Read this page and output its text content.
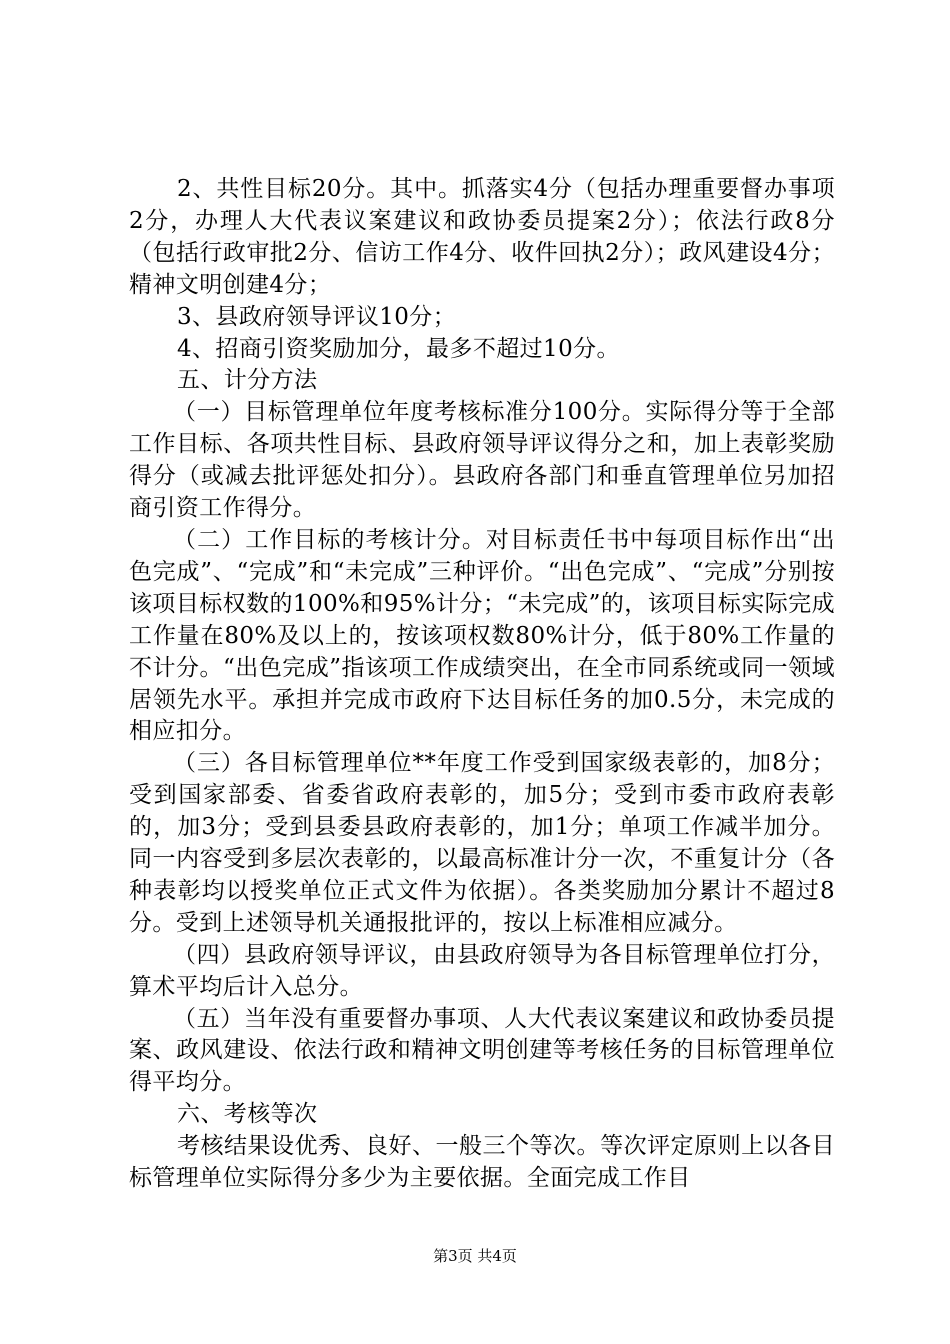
2、共性目标20分。其中。抓落实4分（包括办理重要督办事项2分，办理人大代表议案建议和政协委员提案2分）；依法行政8分（包括行政审批2分、信访工作4分、收件回执2分）；政风建设4分；精神文明创建4分；

3、县政府领导评议10分；

4、招商引资奖励加分，最多不超过10分。

五、计分方法

（一）目标管理单位年度考核标准分100分。实际得分等于全部工作目标、各项共性目标、县政府领导评议得分之和，加上表彰奖励得分（或减去批评惩处扣分）。县政府各部门和垂直管理单位另加招商引资工作得分。

（二）工作目标的考核计分。对目标责任书中每项目标作出“出色完成”、“完成”和“未完成”三种评价。“出色完成”、“完成”分别按该项目标权数的100%和95%计分；“未完成”的，该项目标实际完成工作量在80%及以上的，按该项权数80%计分，低于80%工作量的不计分。“出色完成”指该项工作成绩突出，在全市同系统或同一领域居领先水平。承担并完成市政府下达目标任务的加0.5分，未完成的相应扣分。

（三）各目标管理单位**年度工作受到国家级表彰的，加8分；受到国家部委、省委省政府表彰的，加5分；受到市委市政府表彰的，加3分；受到县委县政府表彰的，加1分；单项工作减半加分。同一内容受到多层次表彰的，以最高标准计分一次，不重复计分（各种表彰均以授奖单位正式文件为依据）。各类奖励加分累计不超过8分。受到上述领导机关通报批评的，按以上标准相应减分。

（四）县政府领导评议，由县政府领导为各目标管理单位打分，算术平均后计入总分。

（五）当年没有重要督办事项、人大代表议案建议和政协委员提案、政风建设、依法行政和精神文明创建等考核任务的目标管理单位得平均分。

六、考核等次

考核结果设优秀、良好、一般三个等次。等次评定原则上以各目标管理单位实际得分多少为主要依据。全面完成工作目

第3页 共4页
